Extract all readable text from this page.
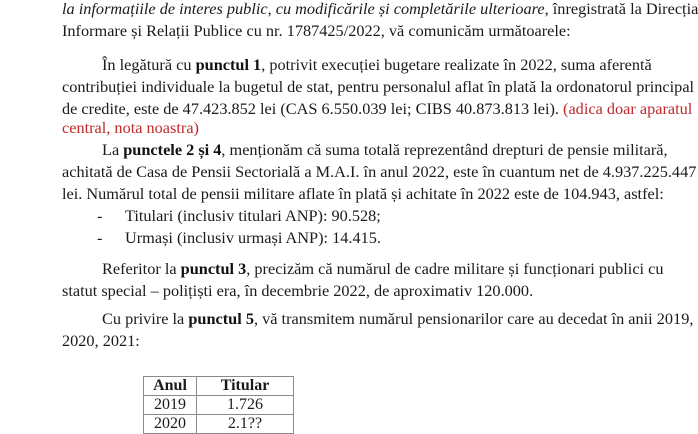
la informațiile de interes public, cu modificările și completările ulterioare, înregistrată la Direcția
Informare și Relații Publice cu nr. 1787425/2022, vă comunicăm următoarele:
În legătură cu punctul 1, potrivit execuției bugetare realizate în 2022, suma aferentă
contribuției individuale la bugetul de stat, pentru personalul aflat în plată la ordonatorul principal
de credite, este de 47.423.852 lei (CAS 6.550.039 lei; CIBS 40.873.813 lei). (adica doar aparatul
central, nota noastra)
La punctele 2 și 4, menționăm că suma totală reprezentând drepturi de pensie militară,
achitată de Casa de Pensii Sectorială a M.A.I. în anul 2022, este în cuantum net de 4.937.225.447
lei. Numărul total de pensii militare aflate în plată și achitate în 2022 este de 104.943, astfel:
- Titulari (inclusiv titulari ANP): 90.528;
- Urmași (inclusiv urmași ANP): 14.415.
Referitor la punctul 3, precizăm că numărul de cadre militare și funcționari publici cu
statut special – polițiști era, în decembrie 2022, de aproximativ 120.000.
Cu privire la punctul 5, vă transmitem numărul pensionarilor care au decedat în anii 2019,
2020, 2021:
Anul	Titular
2019	1.726
2020	2.1??
